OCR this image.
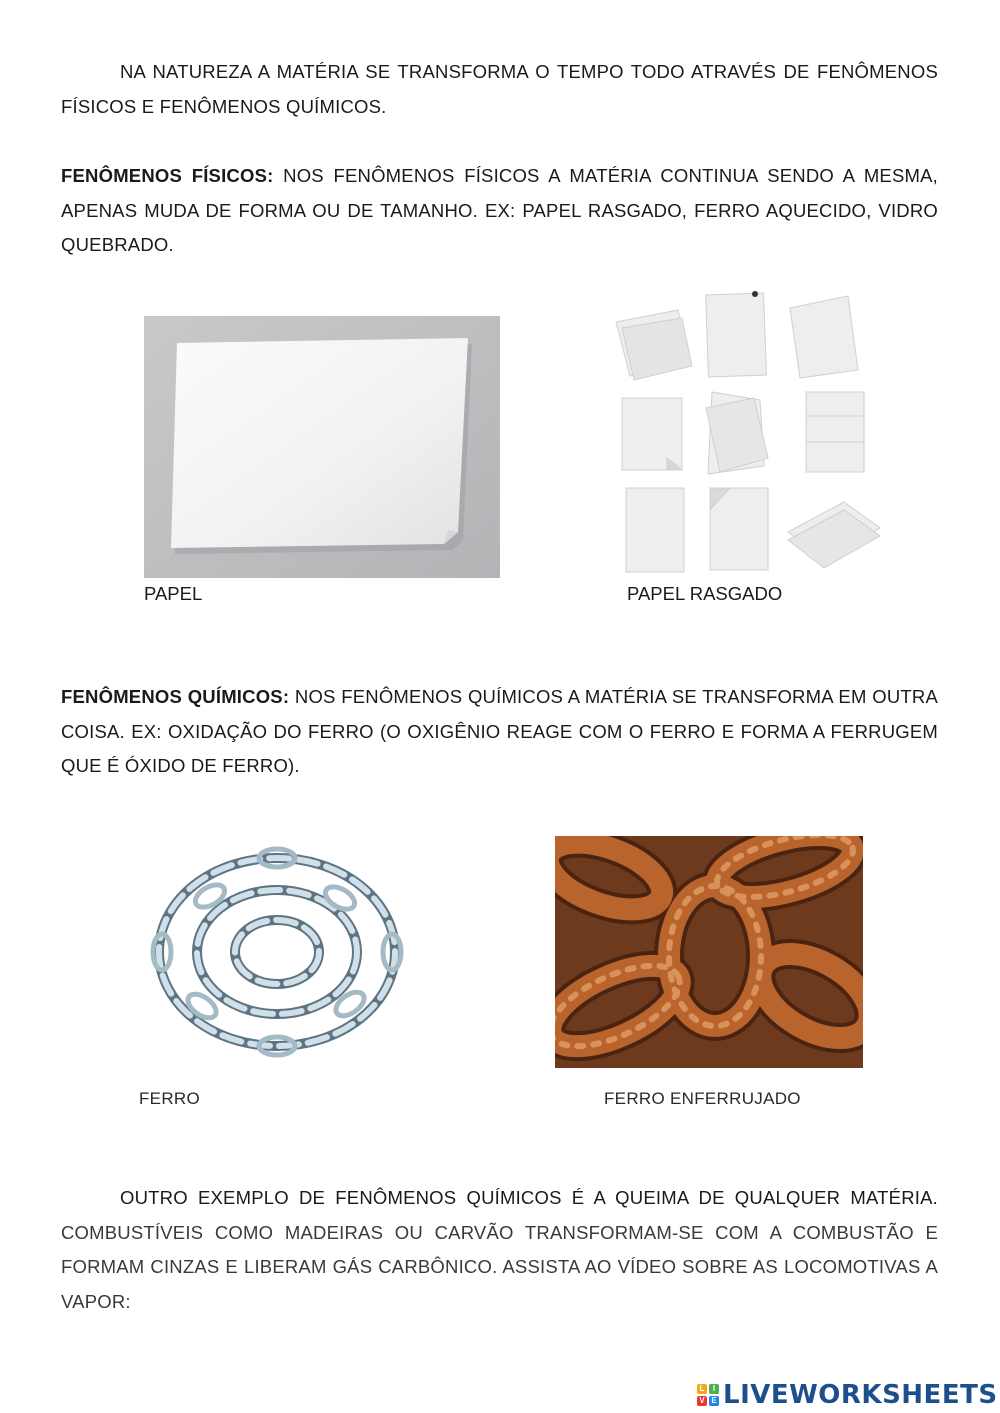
NA NATUREZA A MATÉRIA SE TRANSFORMA O TEMPO TODO ATRAVÉS DE FENÔMENOS FÍSICOS E FENÔMENOS QUÍMICOS.
FENÔMENOS FÍSICOS: NOS FENÔMENOS FÍSICOS A MATÉRIA CONTINUA SENDO A MESMA, APENAS MUDA DE FORMA OU DE TAMANHO. EX: PAPEL RASGADO, FERRO AQUECIDO, VIDRO QUEBRADO.
PAPEL	PAPEL RASGADO
FENÔMENOS QUÍMICOS: NOS FENÔMENOS QUÍMICOS A MATÉRIA SE TRANSFORMA EM OUTRA COISA. EX: OXIDAÇÃO DO FERRO (O OXIGÊNIO REAGE COM O FERRO E FORMA A FERRUGEM QUE É ÓXIDO DE FERRO).
FERRO	FERRO ENFERRUJADO
OUTRO EXEMPLO DE FENÔMENOS QUÍMICOS É A QUEIMA DE QUALQUER MATÉRIA. COMBUSTÍVEIS COMO MADEIRAS OU CARVÃO TRANSFORMAM-SE COM A COMBUSTÃO E FORMAM CINZAS E LIBERAM GÁS CARBÔNICO. ASSISTA AO VÍDEO SOBRE AS LOCOMOTIVAS A VAPOR:
L	I
V E LIVEWORKSHEETS
